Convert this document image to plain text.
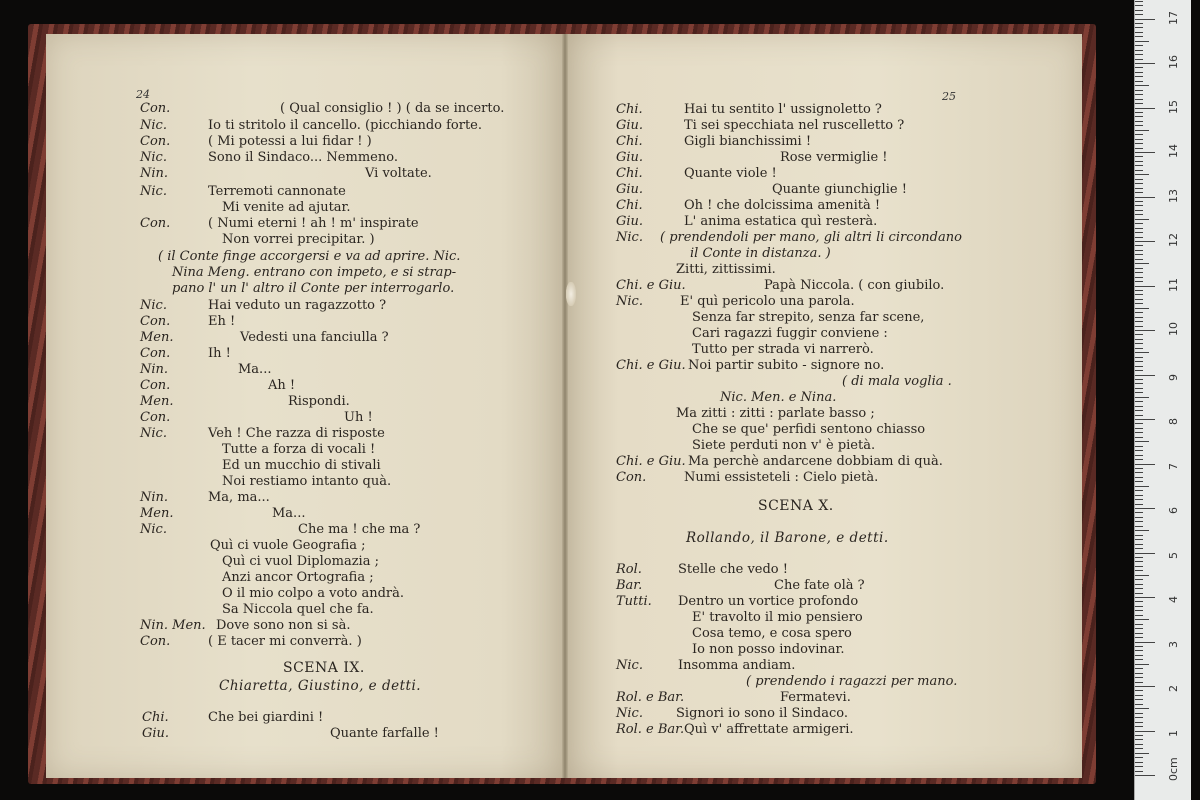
0cm
1
2
3
4
5
6
7
8
9
10
11
12
13
14
15
16
17
Con.	( Qual consiglio ! ) ( da se incerto.
Nic.	Io ti stritolo il cancello. (picchiando forte.
Con.	( Mi potessi a lui fidar ! )
Nic.	Sono il Sindaco... Nemmeno.
Nin.	Vi voltate.
Nic.	Terremoti cannonate
Mi venite ad ajutar.
Con.	( Numi eterni ! ah ! m' inspirate
Non vorrei precipitar. )
( il Conte finge accorgersi e va ad aprire. Nic.
Nina Meng. entrano con impeto, e si strap-
pano l' un l' altro il Conte per interrogarlo.
Nic.	Hai veduto un ragazzotto ?
Con.	Eh !
Men.	Vedesti una fanciulla ?
Con.	Ih !
Nin.	Ma...
Con.	Ah !
Men.	Rispondi.
Con.	Uh !
Nic.	Veh ! Che razza di risposte
Tutte a forza di vocali !
Ed un mucchio di stivali
Noi restiamo intanto quà.
Nin.	Ma, ma...
Men.	Ma...
Nic.	Che ma ! che ma ?
Quì ci vuole Geografia ;
Quì ci vuol Diplomazia ;
Anzi ancor Ortografia ;
O il mio colpo a voto andrà.
Sa Niccola quel che fa.
Nin. Men. Dove sono non si sà.
Con.	( E tacer mi converrà. )
Chi.	Che bei giardini !
Giu.	Quante farfalle !
Chi.	Hai tu sentito l' ussignoletto ?
Giu.	Ti sei specchiata nel ruscelletto ?
Chi.	Gigli bianchissimi !
Giu.	Rose vermiglie !
Chi.	Quante viole !
Giu.	Quante giunchiglie !
Chi.	Oh ! che dolcissima amenità !
Giu.	L' anima estatica quì resterà.
Nic. ( prendendoli per mano, gli altri li circondano
il Conte in distanza. )
Zitti, zittissimi.
Chi. e Giu.	Papà Niccola. ( con giubilo.
Nic.	E' quì pericolo una parola.
Senza far strepito, senza far scene,
Cari ragazzi fuggir conviene :
Tutto per strada vi narrerò.
Chi. e Giu. Noi partir subito - signore no.
( di mala voglia .
Nic. Men. e Nina.
Ma zitti : zitti : parlate basso ;
Che se que' perfidi sentono chiasso
Siete perduti non v' è pietà.
Chi. e Giu. Ma perchè andarcene dobbiam di quà.
Con.	Numi essisteteli : Cielo pietà.
Rol.	Stelle che vedo !
Bar.	Che fate olà ?
Tutti. Dentro un vortice profondo
E' travolto il mio pensiero
Cosa temo, e cosa spero
Io non posso indovinar.
Nic.	Insomma andiam.
( prendendo i ragazzi per mano.
Rol. e Bar.	Fermatevi.
Nic.	Signori io sono il Sindaco.
Rol. e Bar. Quì v' affrettate armigeri.
24	25
SCENA IX.
Chiaretta, Giustino, e detti.
SCENA X.
Rollando, il Barone, e detti.
